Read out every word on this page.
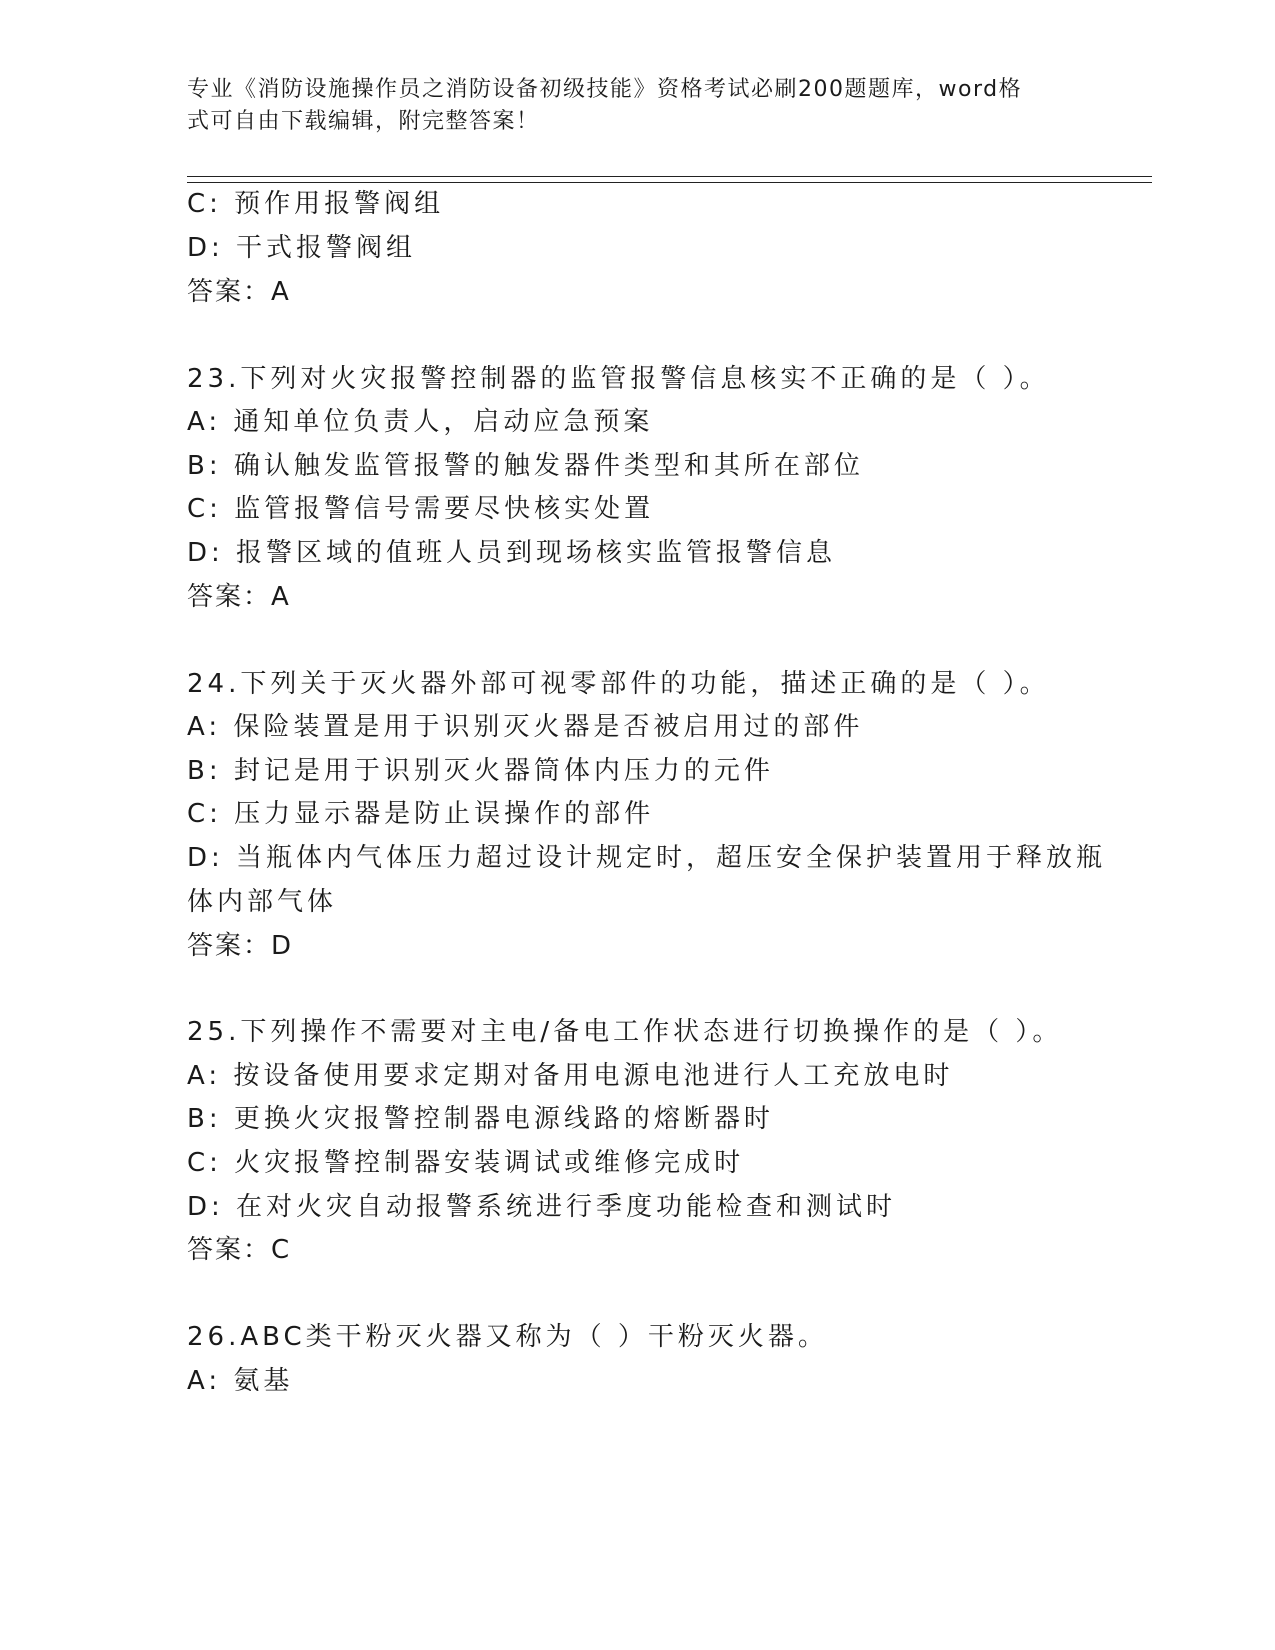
专业《消防设施操作员之消防设备初级技能》资格考试必刷200题题库，word格
式可自由下载编辑，附完整答案！
C: 预作用报警阀组
D: 干式报警阀组
答案：A
23.下列对火灾报警控制器的监管报警信息核实不正确的是（ ）。
A: 通知单位负责人，启动应急预案
B: 确认触发监管报警的触发器件类型和其所在部位
C: 监管报警信号需要尽快核实处置
D: 报警区域的值班人员到现场核实监管报警信息
答案：A
24.下列关于灭火器外部可视零部件的功能，描述正确的是（ ）。
A: 保险装置是用于识别灭火器是否被启用过的部件
B: 封记是用于识别灭火器筒体内压力的元件
C: 压力显示器是防止误操作的部件
D: 当瓶体内气体压力超过设计规定时，超压安全保护装置用于释放瓶
体内部气体
答案：D
25.下列操作不需要对主电/备电工作状态进行切换操作的是（ ）。
A: 按设备使用要求定期对备用电源电池进行人工充放电时
B: 更换火灾报警控制器电源线路的熔断器时
C: 火灾报警控制器安装调试或维修完成时
D: 在对火灾自动报警系统进行季度功能检查和测试时
答案：C
26.ABC类干粉灭火器又称为（ ）干粉灭火器。
A: 氨基
